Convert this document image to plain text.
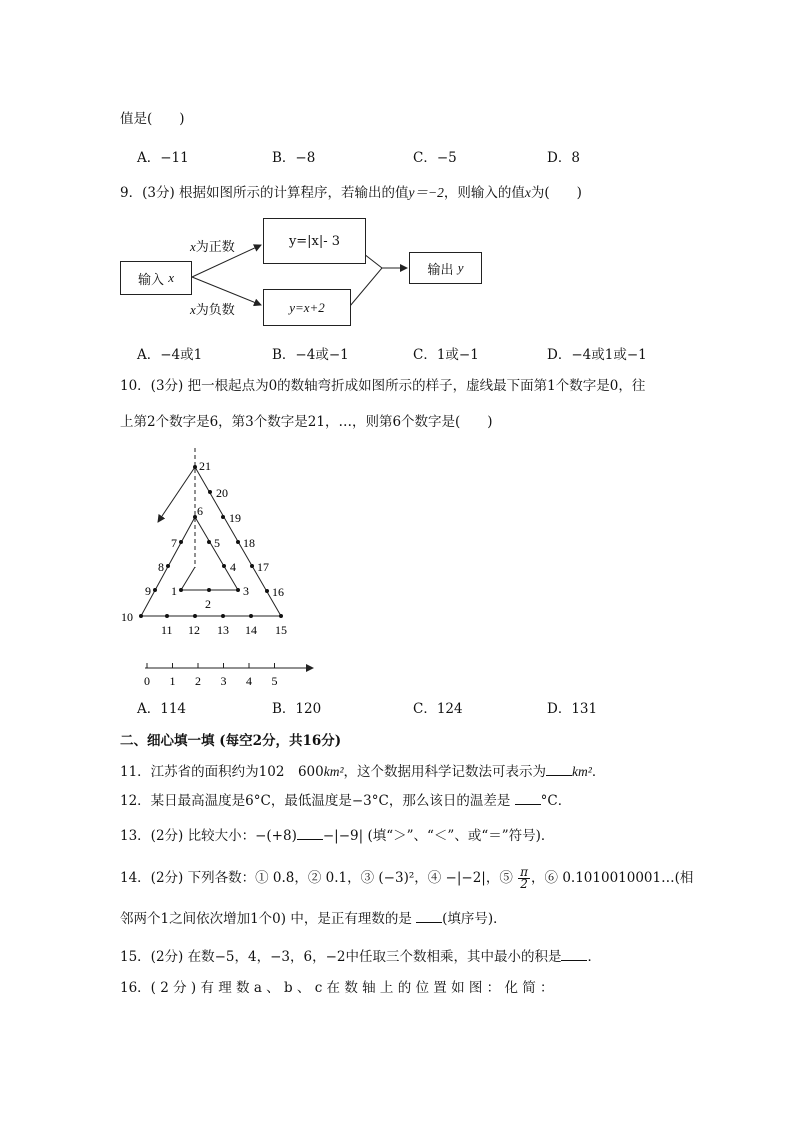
值是(　　)
A．−11	B．−8	C．−5	D．8
9．(3分) 根据如图所示的计算程序，若输出的值y＝−2，则输入的值x为(　　)
输入
x
x为正数
x为负数
y=|x|- 3
y=x+2
输出
y
A．−4或1	B．−4或−1	C．1或−1	D．−4或1或−1
10．(3分) 把一根起点为0的数轴弯折成如图所示的样子，虚线最下面第1个数字是0，往
上第2个数字是6，第3个数字是21，…，则第6个数字是(　　)
1
2
3
4
5
6
7
8
9
10
11 12 13 14 15
16
17
18
19
20
21
0 1 2 3 4 5
A．114	B．120	C．124	D．131
二、细心填一填 (每空2分，共16分)
11．江苏省的面积约为102　600km²，这个数据用科学记数法可表示为 km²．
12．某日最高温度是6°C，最低温度是−3°C，那么该日的温差是 °C．
13．(2分) 比较大小：−(+8) −|−9| (填“＞”、“＜”、或“＝”符号)．
14．(2分) 下列各数：① 0.8̇，② 0.1，③ (−3)²，④ −|−2|，⑤ $\frac{\pi}{2}$ ，⑥ 0.1010010001…(相
邻两个1之间依次增加1个0) 中，是正有理数的是 (填序号)．
15．(2分) 在数−5，4，−3，6，−2中任取三个数相乘，其中最小的积是 ．
16．( 2 分 ) 有 理 数 a 、 b 、 c 在 数 轴 上 的 位 置 如 图 ： 化 简 ：
